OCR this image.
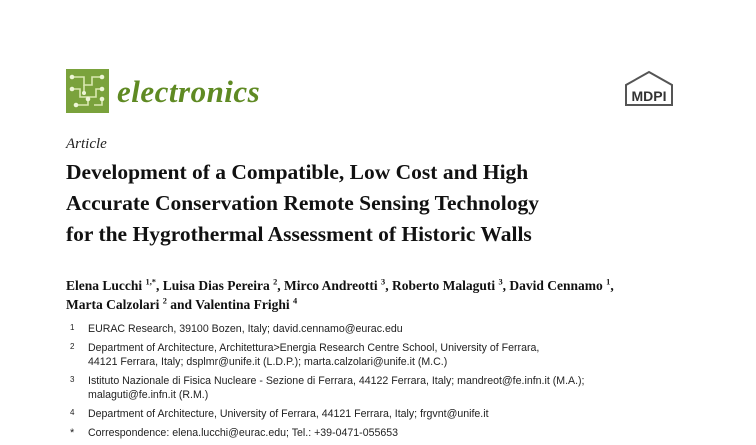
electronics	MDPI
Article
Development of a Compatible, Low Cost and High
Accurate Conservation Remote Sensing Technology
for the Hygrothermal Assessment of Historic Walls
Elena Lucchi $^{1,*}$, Luisa Dias Pereira $^2$, Mirco Andreotti $^3$, Roberto Malaguti $^3$, David Cennamo $^1$,
Marta Calzolari $^2$ and Valentina Frighi $^4$
1 EURAC Research, 39100 Bozen, Italy; david.cennamo@eurac.edu
2 Department of Architecture, Architettura>Energia Research Centre School, University of Ferrara,
44121 Ferrara, Italy; dsplmr@unife.it (L.D.P.); marta.calzolari@unife.it (M.C.)
3 Istituto Nazionale di Fisica Nucleare - Sezione di Ferrara, 44122 Ferrara, Italy; mandreot@fe.infn.it (M.A.);
malaguti@fe.infn.it (R.M.)
4 Department of Architecture, University of Ferrara, 44121 Ferrara, Italy; frgvnt@unife.it
* Correspondence: elena.lucchi@eurac.edu; Tel.: +39-0471-055653
